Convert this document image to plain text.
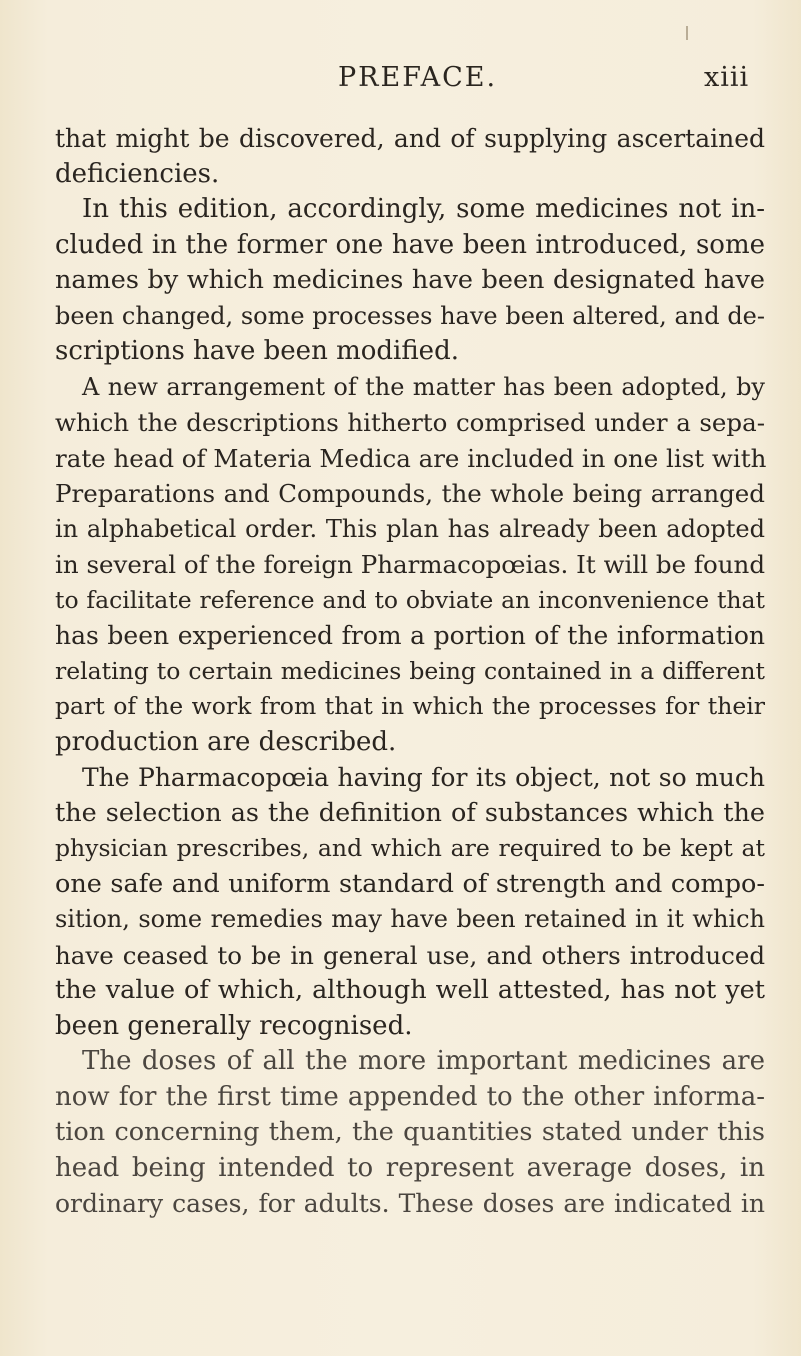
PREFACE.	xiii
that might be discovered, and of supplying ascertained
deficiencies.
In this edition, accordingly, some medicines not in-
cluded in the former one have been introduced, some
names by which medicines have been designated have
been changed, some processes have been altered, and de-
scriptions have been modified.
A new arrangement of the matter has been adopted, by
which the descriptions hitherto comprised under a sepa-
rate head of Materia Medica are included in one list with
Preparations and Compounds, the whole being arranged
in alphabetical order. This plan has already been adopted
in several of the foreign Pharmacopœias. It will be found
to facilitate reference and to obviate an inconvenience that
has been experienced from a portion of the information
relating to certain medicines being contained in a different
part of the work from that in which the processes for their
production are described.
The Pharmacopœia having for its object, not so much
the selection as the definition of substances which the
physician prescribes, and which are required to be kept at
one safe and uniform standard of strength and compo-
sition, some remedies may have been retained in it which
have ceased to be in general use, and others introduced
the value of which, although well attested, has not yet
been generally recognised.
The doses of all the more important medicines are
now for the first time appended to the other informa-
tion concerning them, the quantities stated under this
head being intended to represent average doses, in
ordinary cases, for adults. These doses are indicated in
